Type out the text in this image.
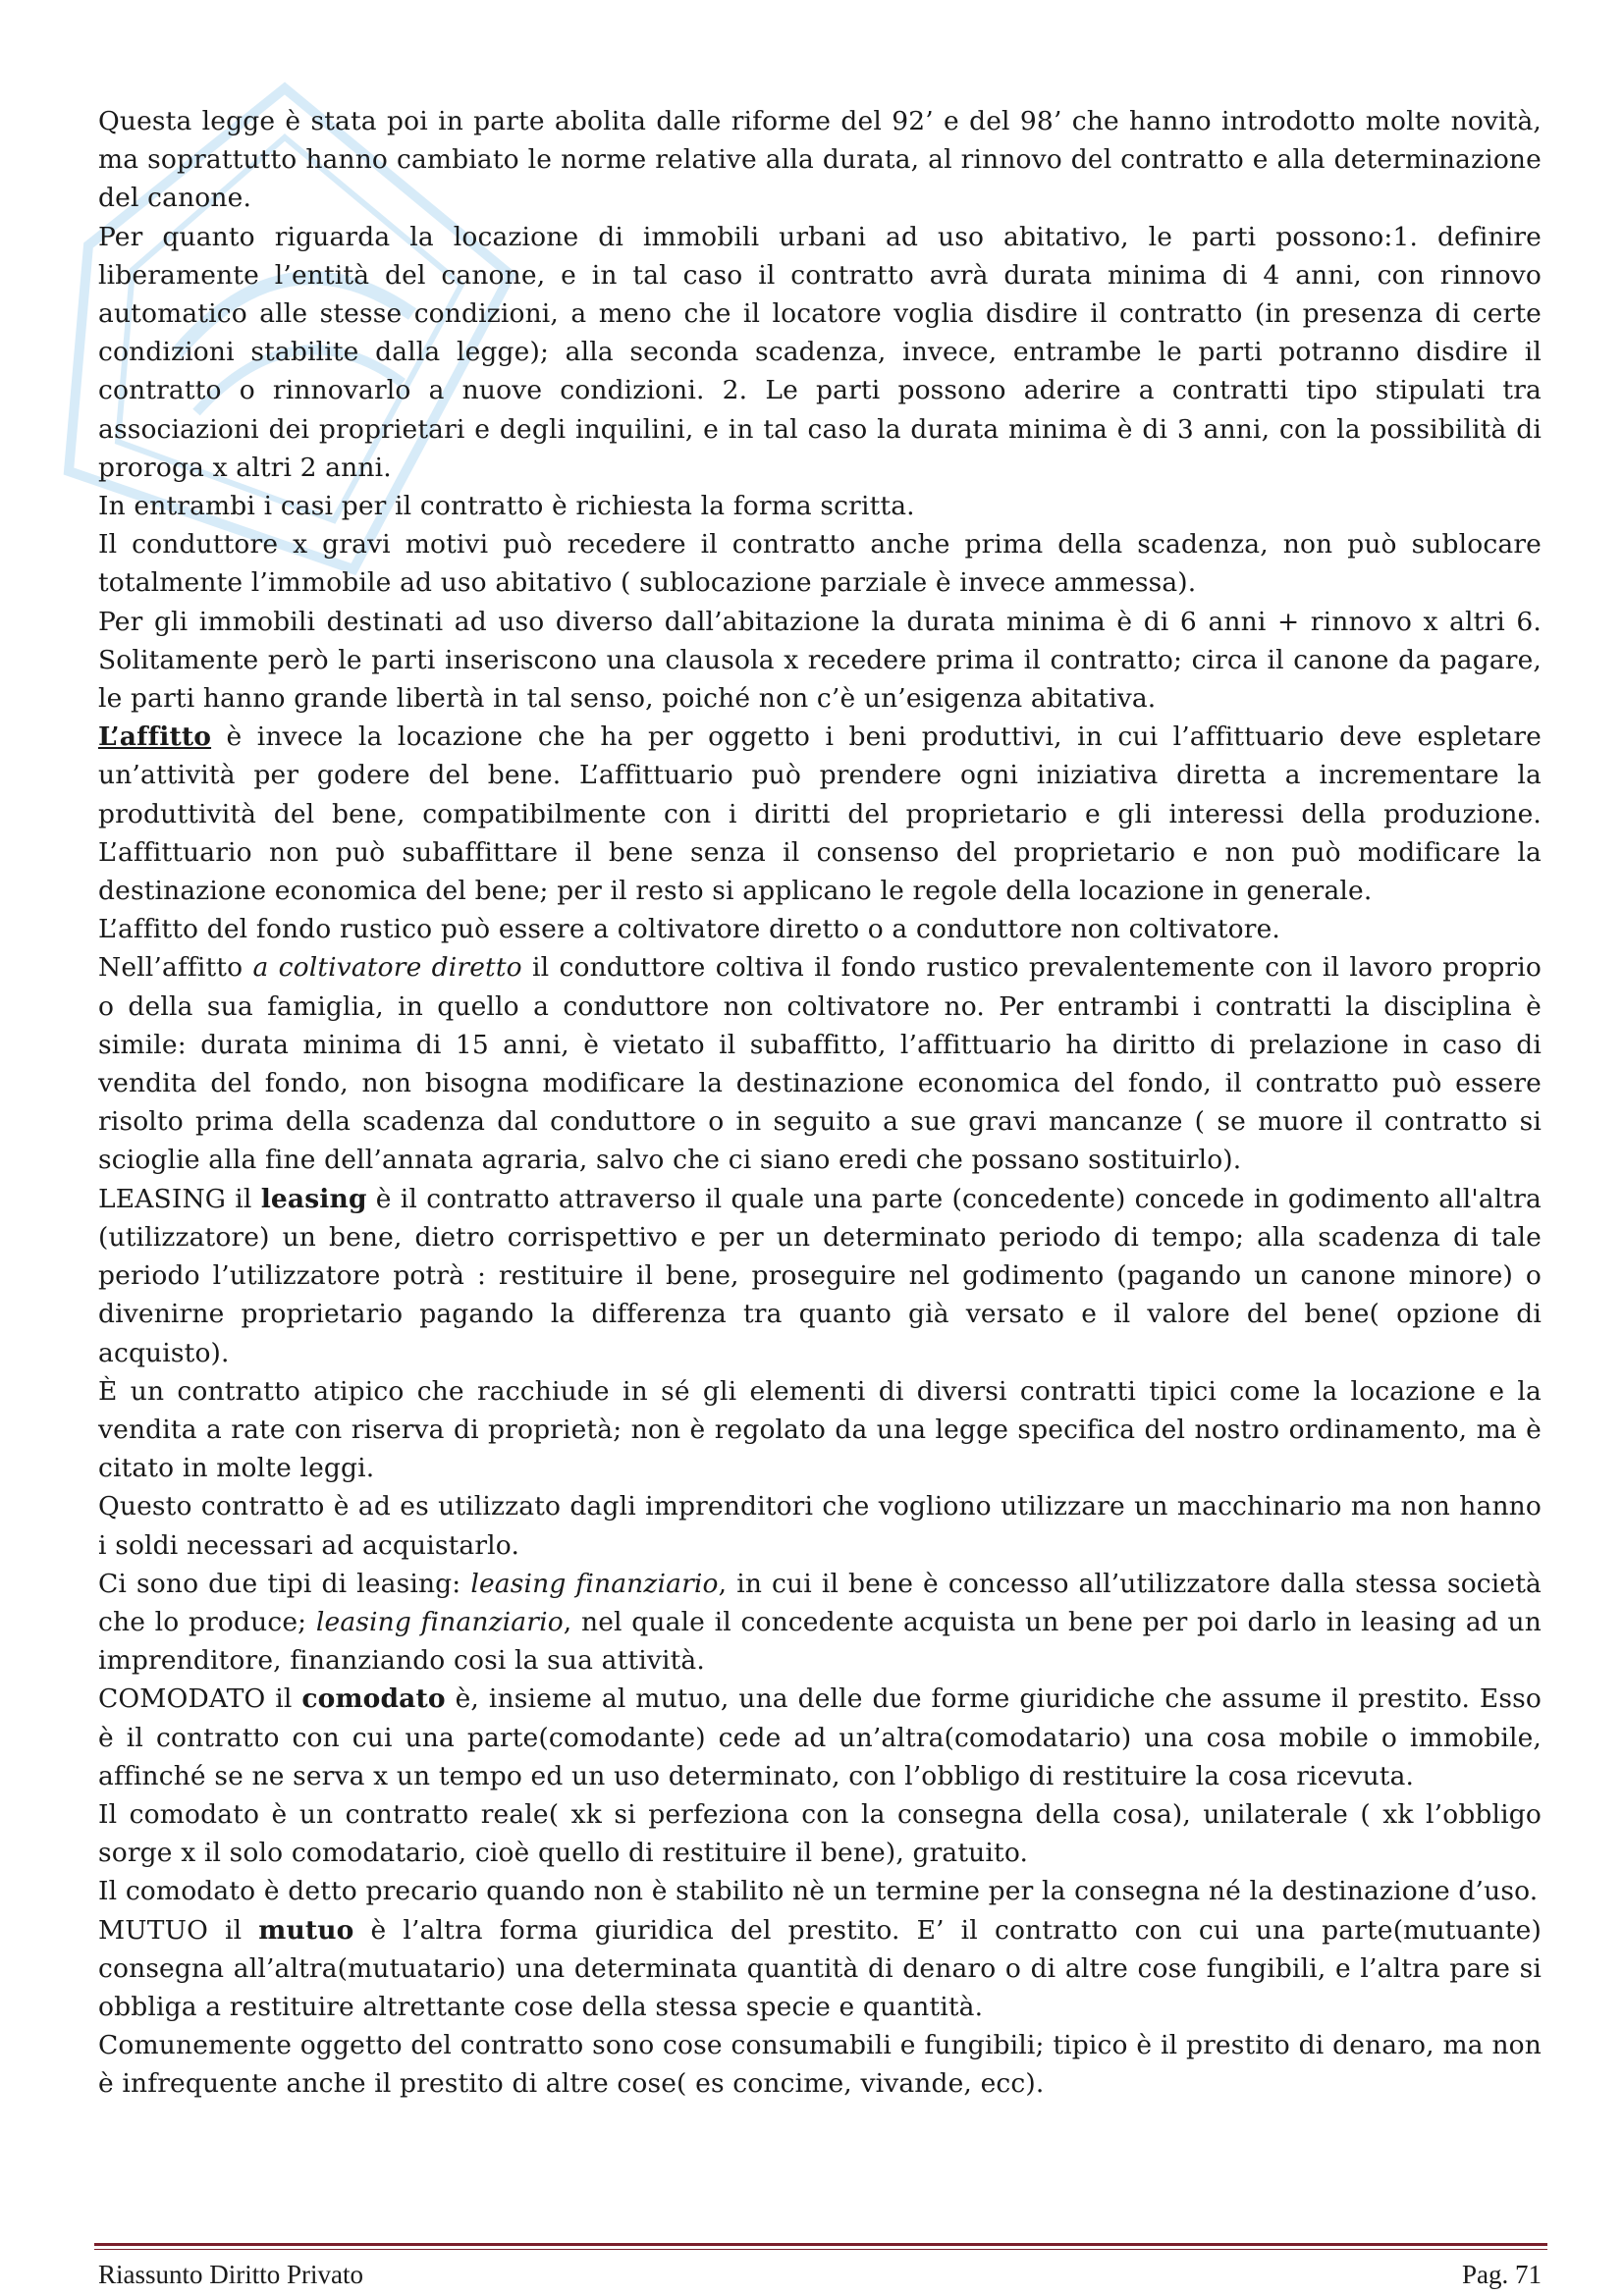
Questa legge è stata poi in parte abolita dalle riforme del 92’ e del 98’ che hanno introdotto molte novità, ma soprattutto hanno cambiato le norme relative alla durata, al rinnovo del contratto e alla determinazione del canone.

Per quanto riguarda la locazione di immobili urbani ad uso abitativo, le parti possono:1. definire liberamente l’entità del canone, e in tal caso il contratto avrà durata minima di 4 anni, con rinnovo automatico alle stesse condizioni, a meno che il locatore voglia disdire il contratto (in presenza di certe condizioni stabilite dalla legge); alla seconda scadenza, invece, entrambe le parti potranno disdire il contratto o rinnovarlo a nuove condizioni. 2. Le parti possono aderire a contratti tipo stipulati tra associazioni dei proprietari e degli inquilini, e in tal caso la durata minima è di 3 anni, con la possibilità di proroga x altri 2 anni.

In entrambi i casi per il contratto è richiesta la forma scritta.

Il conduttore x gravi motivi può recedere il contratto anche prima della scadenza, non può sublocare totalmente l’immobile ad uso abitativo ( sublocazione parziale è invece ammessa).

Per gli immobili destinati ad uso diverso dall’abitazione la durata minima è di 6 anni + rinnovo x altri 6. Solitamente però le parti inseriscono una clausola x recedere prima il contratto; circa il canone da pagare, le parti hanno grande libertà in tal senso, poiché non c’è un’esigenza abitativa.

L’affitto è invece la locazione che ha per oggetto i beni produttivi, in cui l’affittuario deve espletare un’attività per godere del bene. L’affittuario può prendere ogni iniziativa diretta a incrementare la produttività del bene, compatibilmente con i diritti del proprietario e gli interessi della produzione. L’affittuario non può subaffittare il bene senza il consenso del proprietario e non può modificare la destinazione economica del bene; per il resto si applicano le regole della locazione in generale.

L’affitto del fondo rustico può essere a coltivatore diretto o a conduttore non coltivatore.

Nell’affitto a coltivatore diretto il conduttore coltiva il fondo rustico prevalentemente con il lavoro proprio o della sua famiglia, in quello a conduttore non coltivatore no. Per entrambi i contratti la disciplina è simile: durata minima di 15 anni, è vietato il subaffitto, l’affittuario ha diritto di prelazione in caso di vendita del fondo, non bisogna modificare la destinazione economica del fondo, il contratto può essere risolto prima della scadenza dal conduttore o in seguito a sue gravi mancanze ( se muore il contratto si scioglie alla fine dell’annata agraria, salvo che ci siano eredi che possano sostituirlo).

LEASING il leasing è il contratto attraverso il quale una parte (concedente) concede in godimento all'altra (utilizzatore) un bene, dietro corrispettivo e per un determinato periodo di tempo; alla scadenza di tale periodo l’utilizzatore potrà : restituire il bene, proseguire nel godimento (pagando un canone minore) o divenirne proprietario pagando la differenza tra quanto già versato e il valore del bene( opzione di acquisto).

È un contratto atipico che racchiude in sé gli elementi di diversi contratti tipici come la locazione e la vendita a rate con riserva di proprietà; non è regolato da una legge specifica del nostro ordinamento, ma è citato in molte leggi.

Questo contratto è ad es utilizzato dagli imprenditori che vogliono utilizzare un macchinario ma non hanno i soldi necessari ad acquistarlo.

Ci sono due tipi di leasing: leasing finanziario, in cui il bene è concesso all’utilizzatore dalla stessa società che lo produce; leasing finanziario, nel quale il concedente acquista un bene per poi darlo in leasing ad un imprenditore, finanziando cosi la sua attività.

COMODATO il comodato è, insieme al mutuo, una delle due forme giuridiche che assume il prestito. Esso è il contratto con cui una parte(comodante) cede ad un’altra(comodatario) una cosa mobile o immobile, affinché se ne serva x un tempo ed un uso determinato, con l’obbligo di restituire la cosa ricevuta.

Il comodato è un contratto reale( xk si perfeziona con la consegna della cosa), unilaterale ( xk l’obbligo sorge x il solo comodatario, cioè quello di restituire il bene), gratuito.

Il comodato è detto precario quando non è stabilito nè un termine per la consegna né la destinazione d’uso.

MUTUO il mutuo è l’altra forma giuridica del prestito. E’ il contratto con cui una parte(mutuante) consegna all’altra(mutuatario) una determinata quantità di denaro o di altre cose fungibili, e l’altra pare si obbliga a restituire altrettante cose della stessa specie e quantità.

Comunemente oggetto del contratto sono cose consumabili e fungibili; tipico è il prestito di denaro, ma non è infrequente anche il prestito di altre cose( es concime, vivande, ecc).

Riassunto Diritto Privato	Pag. 71
